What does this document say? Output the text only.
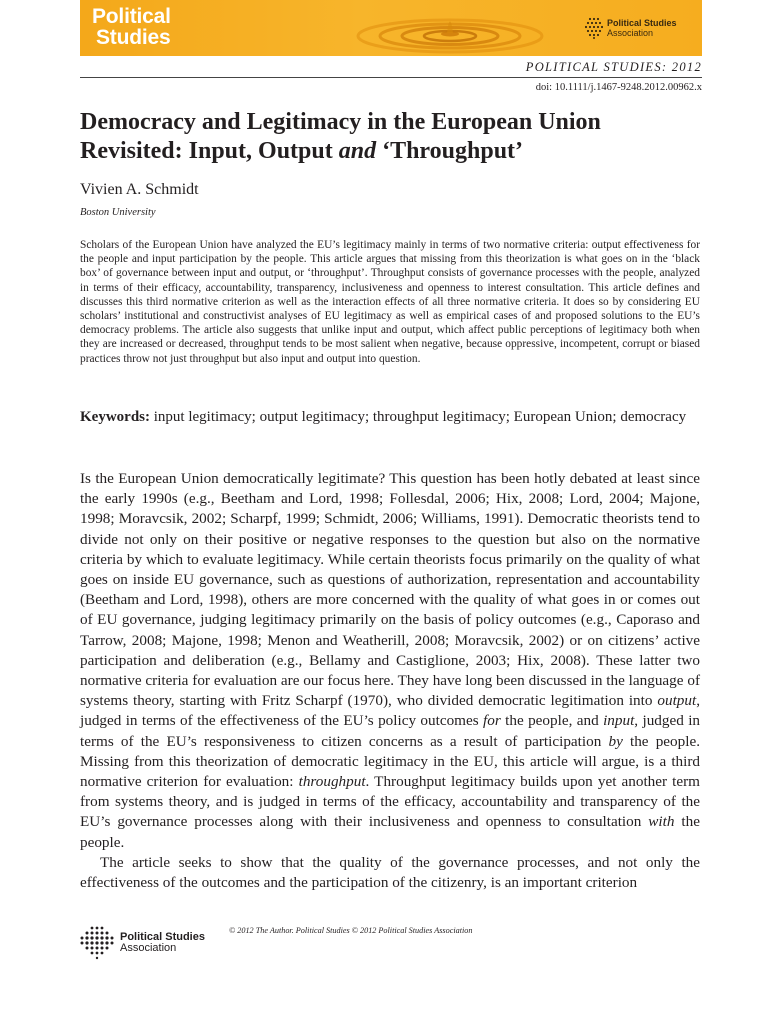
Political
Studies
Political Studies
Association
POLITICAL STUDIES: 2012
doi: 10.1111/j.1467-9248.2012.00962.x
Democracy and Legitimacy in the European Union Revisited: Input, Output and ‘Throughput’
Vivien A. Schmidt
Boston University

Scholars of the European Union have analyzed the EU’s legitimacy mainly in terms of two normative criteria: output effectiveness for the people and input participation by the people. This article argues that missing from this theorization is what goes on in the ‘black box’ of governance between input and output, or ‘throughput’. Throughput consists of governance processes with the people, analyzed in terms of their efficacy, accountability, transparency, inclusiveness and openness to interest consultation. This article defines and discusses this third normative criterion as well as the interaction effects of all three normative criteria. It does so by considering EU scholars’ institutional and constructivist analyses of EU legitimacy as well as empirical cases of and proposed solutions to the EU’s democracy problems. The article also suggests that unlike input and output, which affect public perceptions of legitimacy both when they are increased or decreased, throughput tends to be most salient when negative, because oppressive, incompetent, corrupt or biased practices throw not just throughput but also input and output into question.

Keywords: input legitimacy; output legitimacy; throughput legitimacy; European Union; democracy

Is the European Union democratically legitimate? This question has been hotly debated at least since the early 1990s (e.g., Beetham and Lord, 1998; Follesdal, 2006; Hix, 2008; Lord, 2004; Majone, 1998; Moravcsik, 2002; Scharpf, 1999; Schmidt, 2006; Williams, 1991). Democratic theorists tend to divide not only on their positive or negative responses to the question but also on the normative criteria by which to evaluate legitimacy. While certain theorists focus primarily on the quality of what goes on inside EU governance, such as questions of authorization, representation and accountability (Beetham and Lord, 1998), others are more concerned with the quality of what goes in or comes out of EU governance, judging legitimacy primarily on the basis of policy outcomes (e.g., Caporaso and Tarrow, 2008; Majone, 1998; Menon and Weatherill, 2008; Moravcsik, 2002) or on citizens’ active participation and deliberation (e.g., Bellamy and Castiglione, 2003; Hix, 2008). These latter two normative criteria for evaluation are our focus here. They have long been discussed in the language of systems theory, starting with Fritz Scharpf (1970), who divided democratic legitimation into output, judged in terms of the effectiveness of the EU’s policy outcomes for the people, and input, judged in terms of the EU’s responsiveness to citizen concerns as a result of participation by the people. Missing from this theorization of democratic legitimacy in the EU, this article will argue, is a third normative criterion for evaluation: throughput. Throughput legitimacy builds upon yet another term from systems theory, and is judged in terms of the efficacy, accountability and transparency of the EU’s governance processes along with their inclusiveness and openness to consultation with the people.

The article seeks to show that the quality of the governance processes, and not only the effectiveness of the outcomes and the participation of the citizenry, is an important criterion

Political Studies
Association
© 2012 The Author. Political Studies © 2012 Political Studies Association
